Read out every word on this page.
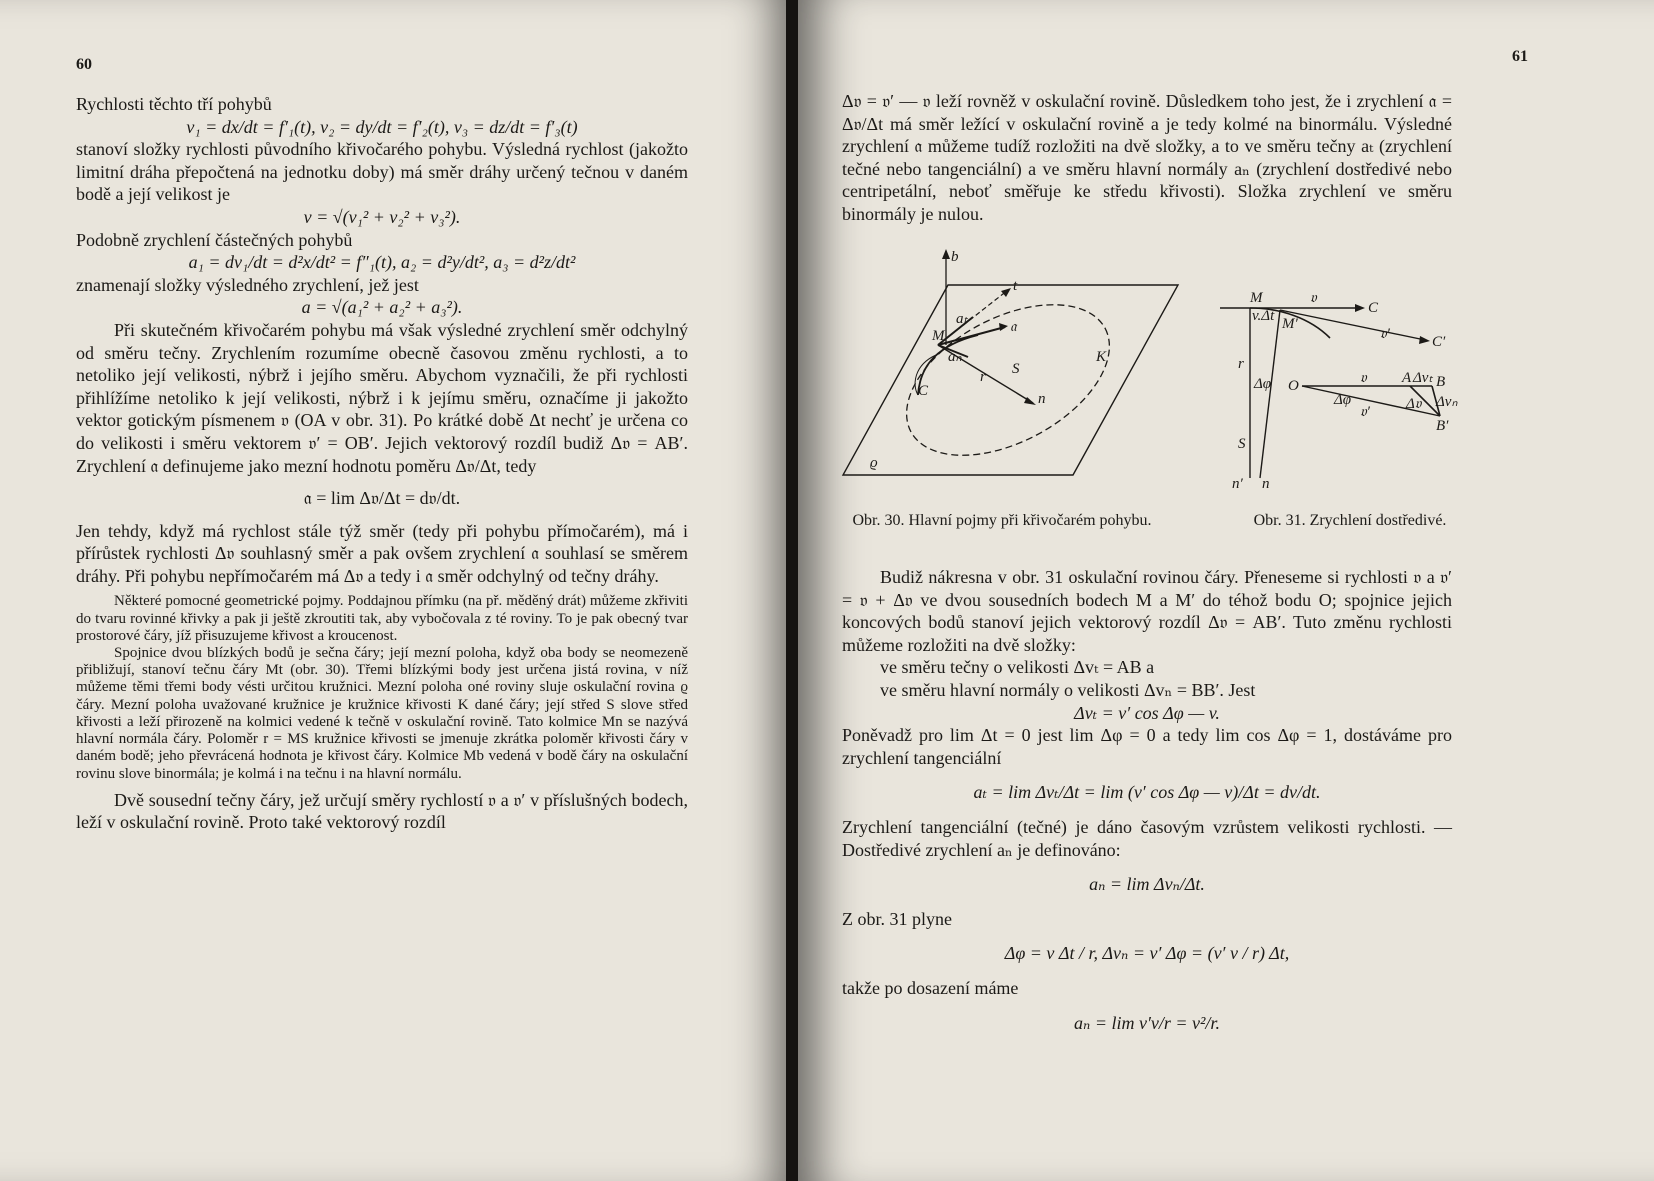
60

Rychlosti těchto tří pohybů

v₁ = dx/dt = f′₁(t), v₂ = dy/dt = f′₂(t), v₃ = dz/dt = f′₃(t)

stanoví složky rychlosti původního křivočarého pohybu. Výsledná rychlost (jakožto limitní dráha přepočtená na jednotku doby) má směr dráhy určený tečnou v daném bodě a její velikost je

v = √(v₁² + v₂² + v₃²).

Podobně zrychlení částečných pohybů

a₁ = dv₁/dt = d²x/dt² = f″₁(t), a₂ = d²y/dt², a₃ = d²z/dt²

znamenají složky výsledného zrychlení, jež jest

a = √(a₁² + a₂² + a₃²).

Při skutečném křivočarém pohybu má však výsledné zrychlení směr odchylný od směru tečny. Zrychlením rozumíme obecně časovou změnu rychlosti, a to netoliko její velikosti, nýbrž i jejího směru. Abychom vyznačili, že při rychlosti přihlížíme netoliko k její velikosti, nýbrž i k jejímu směru, označíme ji jakožto vektor gotickým písmenem 𝔳 (OA v obr. 31). Po krátké době Δt nechť je určena co do velikosti i směru vektorem 𝔳′ = OB′. Jejich vektorový rozdíl budiž Δ𝔳 = AB′. Zrychlení 𝔞 definujeme jako mezní hodnotu poměru Δ𝔳/Δt, tedy

𝔞 = lim Δ𝔳/Δt = d𝔳/dt.

Jen tehdy, když má rychlost stále týž směr (tedy při pohybu přímočarém), má i přírůstek rychlosti Δ𝔳 souhlasný směr a pak ovšem zrychlení 𝔞 souhlasí se směrem dráhy. Při pohybu nepřímočarém má Δ𝔳 a tedy i 𝔞 směr odchylný od tečny dráhy.

Některé pomocné geometrické pojmy. Poddajnou přímku (na př. měděný drát) můžeme zkřiviti do tvaru rovinné křivky a pak ji ještě zkroutiti tak, aby vybočovala z té roviny. To je pak obecný tvar prostorové čáry, jíž přisuzujeme křivost a kroucenost.

Spojnice dvou blízkých bodů je sečna čáry; její mezní poloha, když oba body se neomezeně přibližují, stanoví tečnu čáry Mt (obr. 30). Třemi blízkými body jest určena jistá rovina, v níž můžeme těmi třemi body vésti určitou kružnici. Mezní poloha oné roviny sluje oskulační rovina ϱ čáry. Mezní poloha uvažované kružnice je kružnice křivosti K dané čáry; její střed S slove střed křivosti a leží přirozeně na kolmici vedené k tečně v oskulační rovině. Tato kolmice Mn se nazývá hlavní normála čáry. Poloměr r = MS kružnice křivosti se jmenuje zkrátka poloměr křivosti čáry v daném bodě; jeho převrácená hodnota je křivost čáry. Kolmice Mb vedená v bodě čáry na oskulační rovinu slove binormála; je kolmá i na tečnu i na hlavní normálu.

Dvě sousední tečny čáry, jež určují směry rychlostí 𝔳 a 𝔳′ v příslušných bodech, leží v oskulační rovině. Proto také vektorový rozdíl

61

Δ𝔳 = 𝔳′ — 𝔳 leží rovněž v oskulační rovině. Důsledkem toho jest, že i zrychlení 𝔞 = Δ𝔳/Δt má směr ležící v oskulační rovině a je tedy kolmé na binormálu. Výsledné zrychlení 𝔞 můžeme tudíž rozložiti na dvě složky, a to ve směru tečny aₜ (zrychlení tečné nebo tangenciální) a ve směru hlavní normály aₙ (zrychlení dostředivé nebo centripetální, neboť směřuje ke středu křivosti). Složka zrychlení ve směru binormály je nulou.

b
t
aₜ	𝔞
n
M
aₙ
r S
K
C
ϱ
𝔳
C
M
𝔳′	C′
M′
v.Δt
r
Δφ
S
n′ n
O
Δφ
𝔳 A Δvₜ B
Δ𝔳 Δvₙ
𝔳′
B′
Obr. 30. Hlavní pojmy při křivočarém pohybu.	Obr. 31. Zrychlení dostředivé.

Budiž nákresna v obr. 31 oskulační rovinou čáry. Přeneseme si rychlosti 𝔳 a 𝔳′ = 𝔳 + Δ𝔳 ve dvou sousedních bodech M a M′ do téhož bodu O; spojnice jejich koncových bodů stanoví jejich vektorový rozdíl Δ𝔳 = AB′. Tuto změnu rychlosti můžeme rozložiti na dvě složky:

ve směru tečny o velikosti Δvₜ = AB a

ve směru hlavní normály o velikosti Δvₙ = BB′. Jest

Δvₜ = v′ cos Δφ — v.

Poněvadž pro lim Δt = 0 jest lim Δφ = 0 a tedy lim cos Δφ = 1, dostáváme pro zrychlení tangenciální

aₜ = lim Δvₜ/Δt = lim (v′ cos Δφ — v)/Δt = dv/dt.

Zrychlení tangenciální (tečné) je dáno časovým vzrůstem velikosti rychlosti. — Dostředivé zrychlení aₙ je definováno:

aₙ = lim Δvₙ/Δt.

Z obr. 31 plyne

Δφ = v Δt / r, Δvₙ = v′ Δφ = (v′ v / r) Δt,

takže po dosazení máme

aₙ = lim v′v/r = v²/r.
